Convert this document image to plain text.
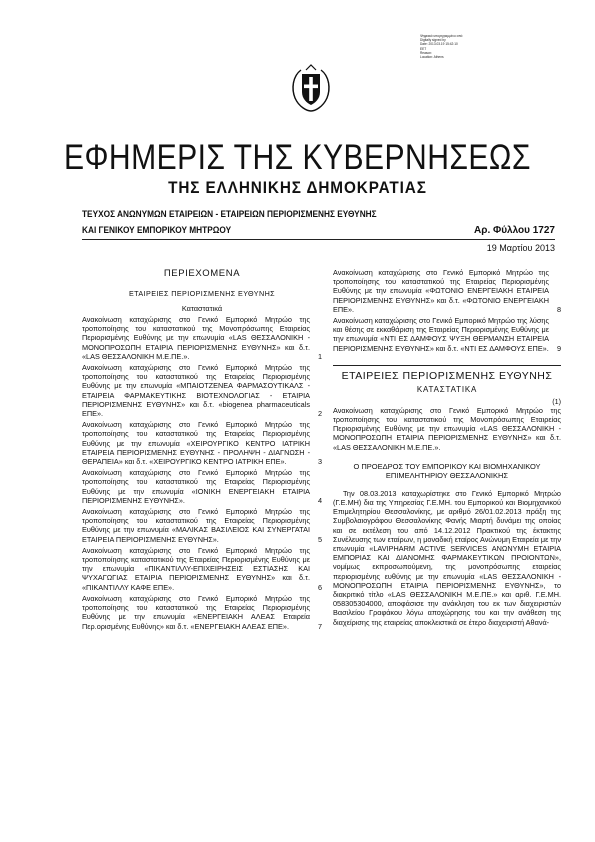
Ψηφιακά υπογεγραμμένο από
Digitally signed by
Date: 2013.03.19 15:42:10
EET
Reason:
Location: Athens
ΕΦΗΜΕΡΙΣ ΤΗΣ ΚΥΒΕΡΝΗΣΕΩΣ
ΤΗΣ ΕΛΛΗΝΙΚΗΣ ΔΗΜΟΚΡΑΤΙΑΣ
ΤΕΥΧΟΣ ΑΝΩΝΥΜΩΝ ΕΤΑΙΡΕΙΩΝ - ΕΤΑΙΡΕΙΩΝ ΠΕΡΙΟΡΙΣΜΕΝΗΣ ΕΥΘΥΝΗΣ
ΚΑΙ ΓΕΝΙΚΟΥ ΕΜΠΟΡΙΚΟΥ ΜΗΤΡΩΟΥ	Αρ. Φύλλου 1727
19 Μαρτίου 2013
ΠΕΡΙΕΧΟΜΕΝΑ
ΕΤΑΙΡΕΙΕΣ ΠΕΡΙΟΡΙΣΜΕΝΗΣ ΕΥΘΥΝΗΣ
Καταστατικά
Ανακοίνωση καταχώρισης στο Γενικό Εμπορικό Μητρώο της τροποποίησης του καταστατικού της Μονοπρόσωπης Εταιρείας Περιορισμένης Ευθύνης με την επωνυμία «LAS ΘΕΣΣΑΛΟΝΙΚΗ - ΜΟΝΟΠΡΟΣΩΠΗ ΕΤΑΙΡΙΑ ΠΕΡΙΟΡΙΣΜΕΝΗΣ ΕΥΘΥΝΗΣ» και δ.τ. «LAS ΘΕΣΣΑΛΟΝΙΚΗ Μ.Ε.ΠΕ.».	1
Ανακοίνωση καταχώρισης στο Γενικό Εμπορικό Μητρώο της τροποποίησης του καταστατικού της Εταιρείας Περιορισμένης Ευθύνης με την επωνυμία «ΜΠΑΙΟΤΖΕΝΕΑ ΦΑΡΜΑΣΟΥΤΙΚΑΛΣ - ΕΤΑΙΡΕΙΑ ΦΑΡΜΑΚΕΥΤΙΚΗΣ ΒΙΟΤΕΧΝΟΛΟΓΙΑΣ - ΕΤΑΙΡΙΑ ΠΕΡΙΟΡΙΣΜΕΝΗΣ ΕΥΘΥΝΗΣ» και δ.τ. «biogenea pharmaceuticals ΕΠΕ».	2
Ανακοίνωση καταχώρισης στο Γενικό Εμπορικό Μητρώο της τροποποίησης του καταστατικού της Εταιρείας Περιορισμένης Ευθύνης με την επωνυμία «ΧΕΙΡΟΥΡΓΙΚΟ ΚΕΝΤΡΟ ΙΑΤΡΙΚΗ ΕΤΑΙΡΕΙΑ ΠΕΡΙΟΡΙΣΜΕΝΗΣ ΕΥΘΥΝΗΣ - ΠΡΟΛΗΨΗ - ΔΙΑΓΝΩΣΗ - ΘΕΡΑΠΕΙΑ» και δ.τ. «ΧΕΙΡΟΥΡΓΙΚΟ ΚΕΝΤΡΟ ΙΑΤΡΙΚΗ ΕΠΕ».	3
Ανακοίνωση καταχώρισης στο Γενικό Εμπορικό Μητρώο της τροποποίησης του καταστατικού της Εταιρείας Περιορισμένης Ευθύνης με την επωνυμία «ΙΟΝΙΚΗ ΕΝΕΡΓΕΙΑΚΗ ΕΤΑΙΡΙΑ ΠΕΡΙΟΡΙΣΜΕΝΗΣ ΕΥΘΥΝΗΣ».	4
Ανακοίνωση καταχώρισης στο Γενικό Εμπορικό Μητρώο της τροποποίησης του καταστατικού της Εταιρείας Περιορισμένης Ευθύνης με την επωνυμία «ΜΑΛΙΚΑΣ ΒΑΣΙΛΕΙΟΣ ΚΑΙ ΣΥΝΕΡΓΑΤΑΙ ΕΤΑΙΡΕΙΑ ΠΕΡΙΟΡΙΣΜΕΝΗΣ ΕΥΘΥΝΗΣ».	5
Ανακοίνωση καταχώρισης στο Γενικό Εμπορικό Μητρώο της τροποποίησης καταστατικού της Εταιρείας Περιορισμένης Ευθύνης με την επωνυμία «ΠΙΚΑΝΤΙΛΛΥ-ΕΠΙΧΕΙΡΗΣΕΙΣ ΕΣΤΙΑΣΗΣ ΚΑΙ ΨΥΧΑΓΩΓΙΑΣ ΕΤΑΙΡΙΑ ΠΕΡΙΟΡΙΣΜΕΝΗΣ ΕΥΘΥΝΗΣ» και δ.τ. «ΠΙΚΑΝΤΙΛΛΥ ΚΑΦΕ ΕΠΕ».	6
Ανακοίνωση καταχώρισης στο Γενικό Εμπορικό Μητρώο της τροποποίησης του καταστατικού της Εταιρείας Περιορισμένης Ευθύνης με την επωνυμία «ΕΝΕΡΓΕΙΑΚΗ ΑΛΕΑΣ Εταιρεία Περ.ορισμένης Ευθύνης» και δ.τ. «ΕΝΕΡΓΕΙΑΚΗ ΑΛΕΑΣ ΕΠΕ».	7
Ανακοίνωση καταχώρισης στο Γενικό Εμπορικό Μητρώο της τροποποίησης του καταστατικού της Εταιρείας Περιορισμένης Ευθύνης με την επωνυμία «ΦΩΤΟΝΙΟ ΕΝΕΡΓΕΙΑΚΗ ΕΤΑΙΡΕΙΑ ΠΕΡΙΟΡΙΣΜΕΝΗΣ ΕΥΘΥΝΗΣ» και δ.τ. «ΦΩΤΟΝΙΟ ΕΝΕΡΓΕΙΑΚΗ ΕΠΕ».	8
Ανακοίνωση καταχώρισης στο Γενικό Εμπορικό Μητρώο της λύσης και θέσης σε εκκαθάριση της Εταιρείας Περιορισμένης Ευθύνης με την επωνυμία «ΝΤΙ ΕΣ ΔΑΜΦΟΥΣ ΨΥΞΗ ΘΕΡΜΑΝΣΗ ΕΤΑΙΡΕΙΑ ΠΕΡΙΟΡΙΣΜΕΝΗΣ ΕΥΘΥΝΗΣ» και δ.τ. «ΝΤΙ ΕΣ ΔΑΜΦΟΥΣ ΕΠΕ».	9
ΕΤΑΙΡΕΙΕΣ ΠΕΡΙΟΡΙΣΜΕΝΗΣ ΕΥΘΥΝΗΣ
ΚΑΤΑΣΤΑΤΙΚΑ
(1)
Ανακοίνωση καταχώρισης στο Γενικό Εμπορικό Μητρώο της τροποποίησης του καταστατικού της Μονοπρόσωπης Εταιρείας Περιορισμένης Ευθύνης με την επωνυμία «LAS ΘΕΣΣΑΛΟΝΙΚΗ - ΜΟΝΟΠΡΟΣΩΠΗ ΕΤΑΙΡΙΑ ΠΕΡΙΟΡΙΣΜΕΝΗΣ ΕΥΘΥΝΗΣ» και δ.τ. «LAS ΘΕΣΣΑΛΟΝΙΚΗ Μ.Ε.ΠΕ.».
Ο ΠΡΟΕΔΡΟΣ ΤΟΥ ΕΜΠΟΡΙΚΟΥ ΚΑΙ ΒΙΟΜΗΧΑΝΙΚΟΥ
ΕΠΙΜΕΛΗΤΗΡΙΟΥ ΘΕΣΣΑΛΟΝΙΚΗΣ
Την 08.03.2013 καταχωρίστηκε στο Γενικό Εμπορικό Μητρώο (Γ.Ε.ΜΗ) δια της Υπηρεσίας Γ.Ε.ΜΗ. του Εμπορικού και Βιομηχανικού Επιμελητηρίου Θεσσαλονίκης, με αριθμό 26/01.02.2013 πράξη της Συμβολαιογράφου Θεσσαλονίκης Φανής Μιαρτή δυνάμει της οποίας και σε εκτέλεση του από 14.12.2012 Πρακτικού της έκτακτης Συνέλευσης των εταίρων, η μοναδική εταίρος Ανώνυμη Εταιρεία με την επωνυμία «LAVIPHARM ACTIVE SERVICES ΑΝΩΝΥΜΗ ΕΤΑΙΡΙΑ ΕΜΠΟΡΙΑΣ ΚΑΙ ΔΙΑΝΟΜΗΣ ΦΑΡΜΑΚΕΥΤΙΚΩΝ ΠΡΟΙΟΝΤΩΝ», νομίμως εκπροσωπούμενη, της μονοπρόσωπης εταιρείας περιορισμένης ευθύνης με την επωνυμία «LAS ΘΕΣΣΑΛΟΝΙΚΗ - ΜΟΝΟΠΡΟΣΩΠΗ ΕΤΑΙΡΙΑ ΠΕΡΙΟΡΙΣΜΕΝΗΣ ΕΥΘΥΝΗΣ», το διακριτικό τίτλο «LAS ΘΕΣΣΑΛΟΝΙΚΗ Μ.Ε.ΠΕ.» και αριθ. Γ.Ε.ΜΗ. 058305304000, αποφάσισε την ανάκληση του εκ των διαχειριστών Βασιλείου Γραφάκου λόγω αποχώρησης του και την ανάθεση της διαχείρισης της εταιρείας αποκλειστικά σε έτερο διαχειριστή Αθανά-
